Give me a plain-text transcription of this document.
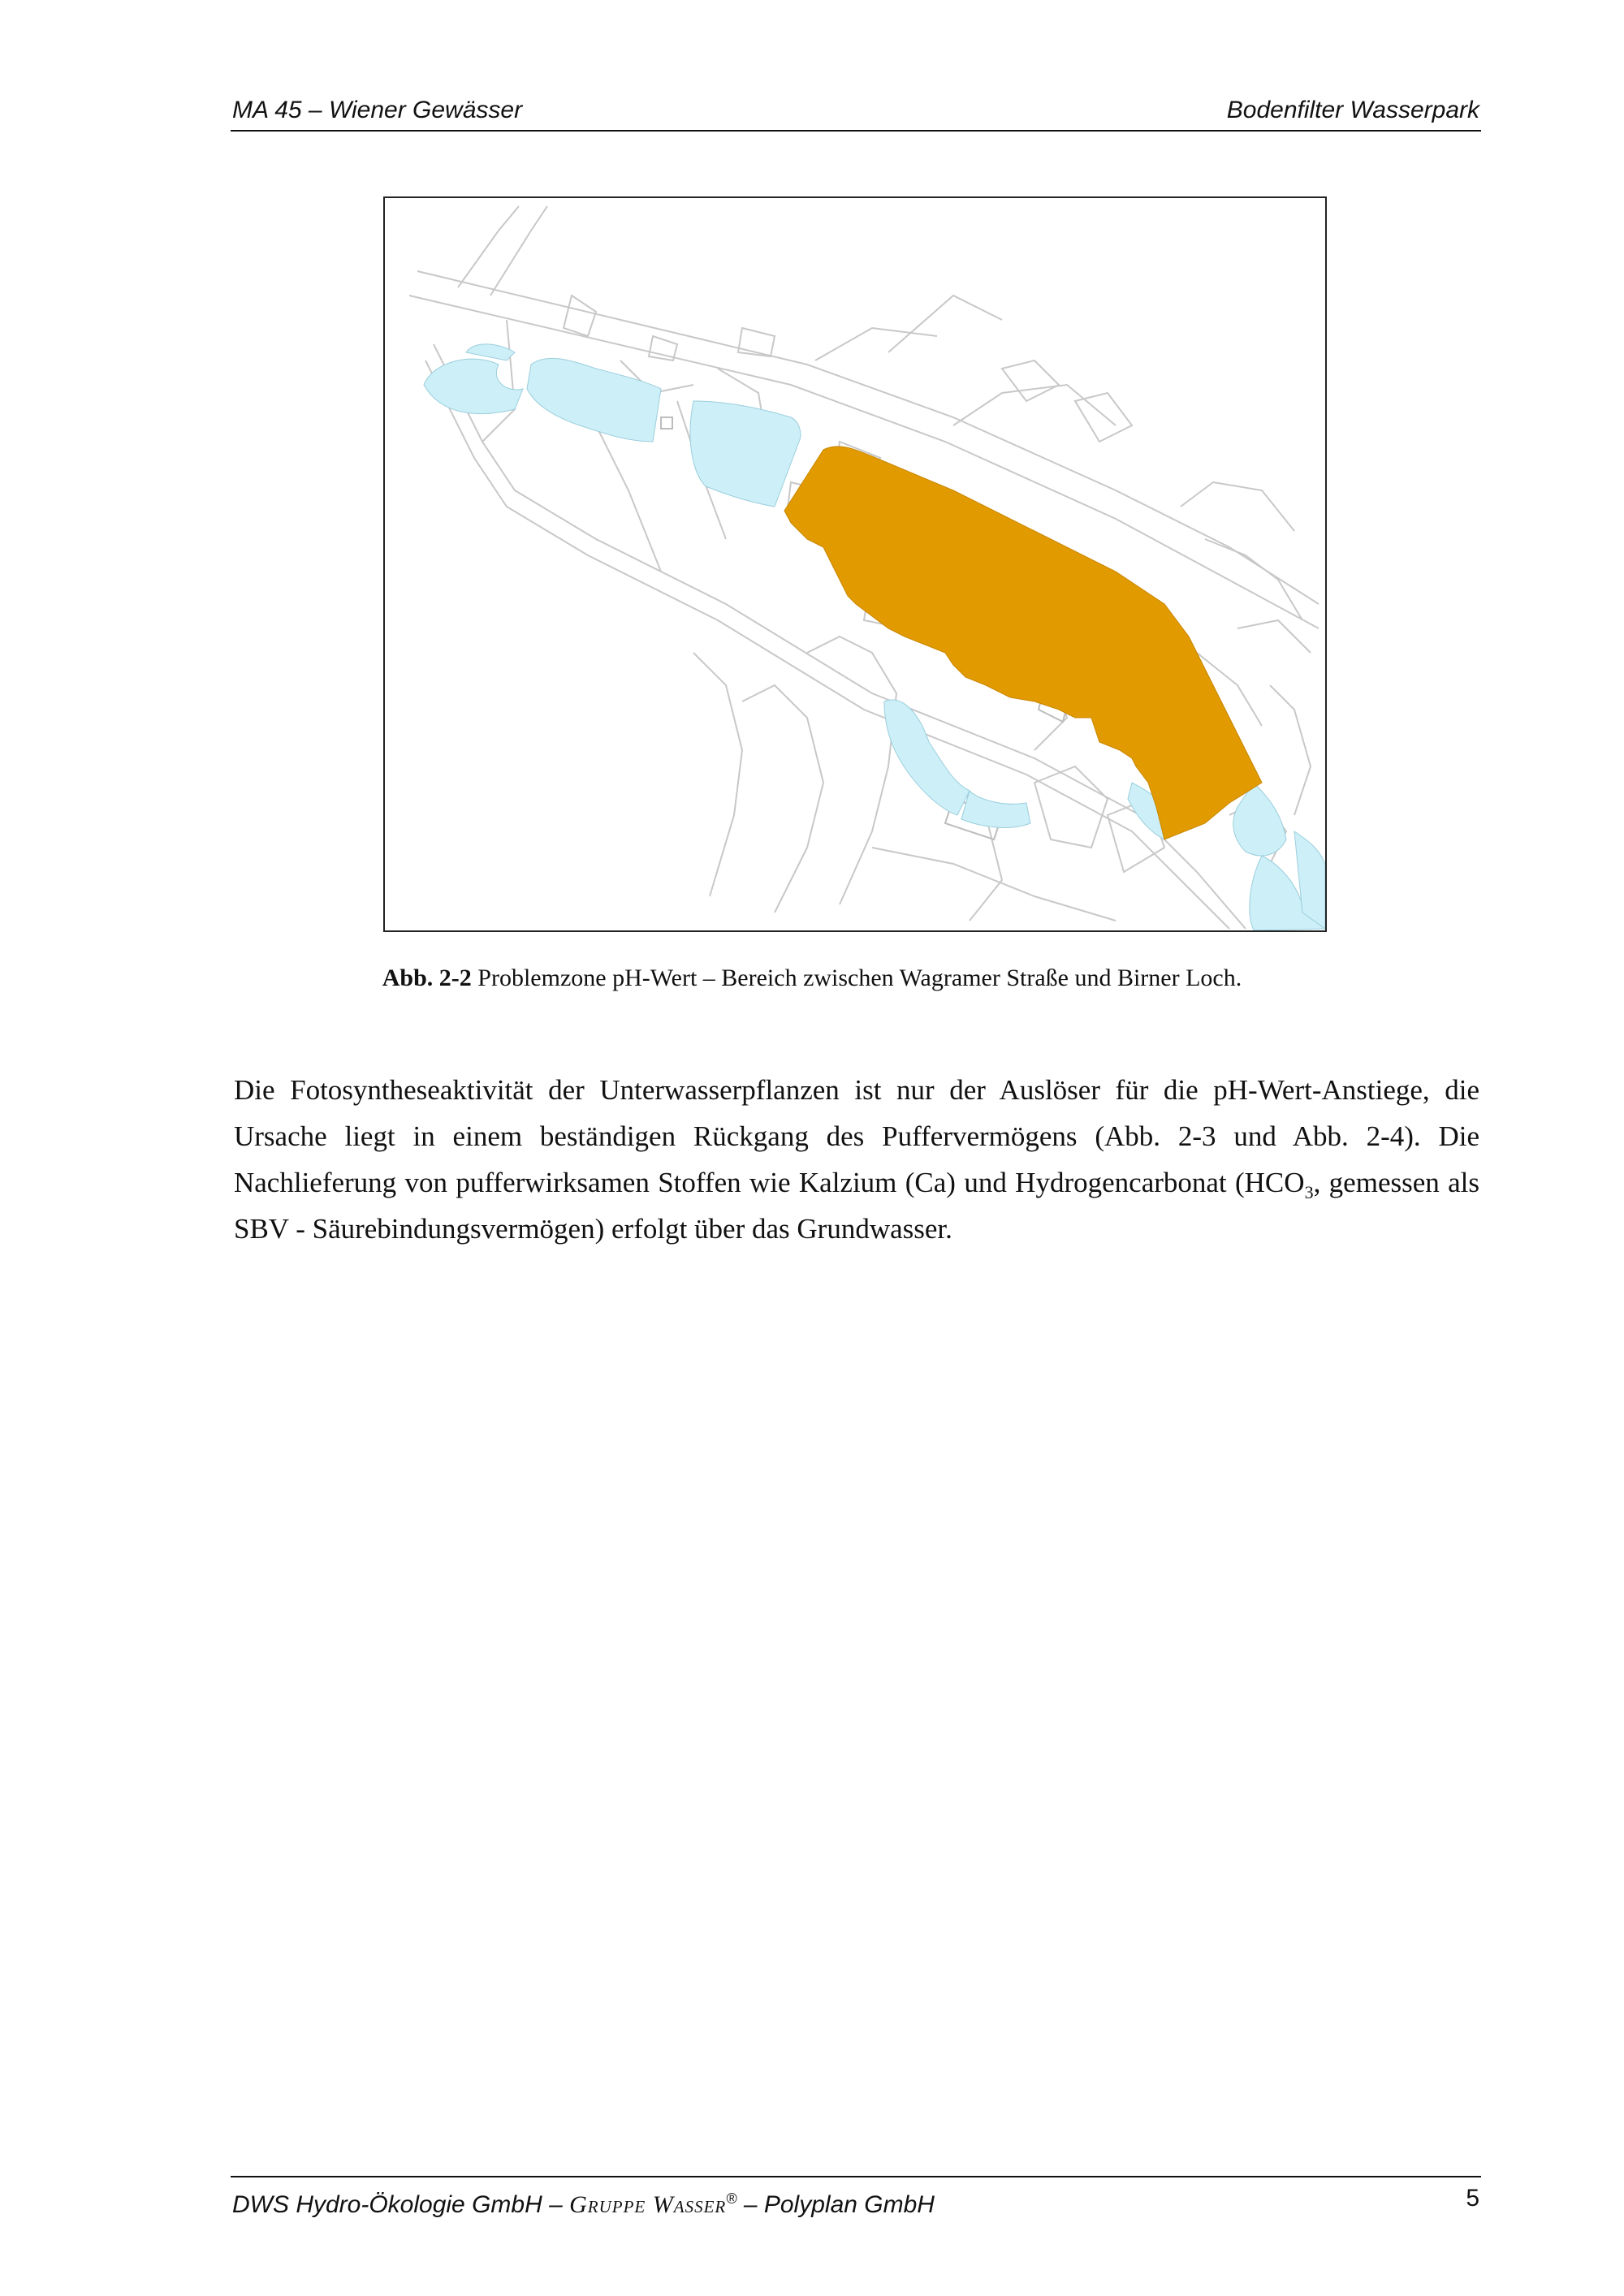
MA 45 – Wiener Gewässer	Bodenfilter Wasserpark
Abb. 2-2 Problemzone pH-Wert – Bereich zwischen Wagramer Straße und Birner Loch.
Die Fotosyntheseaktivität der Unterwasserpflanzen ist nur der Auslöser für die pH-Wert-Anstiege, die Ursache liegt in einem beständigen Rückgang des Puffervermögens (Abb. 2-3 und Abb. 2-4). Die Nachlieferung von pufferwirksamen Stoffen wie Kalzium (Ca) und Hydrogencarbonat ($HCO_3$, gemessen als SBV - Säurebindungsvermögen) erfolgt über das Grundwasser.
DWS Hydro-Ökologie GmbH – Gruppe Wasser® – Polyplan GmbH	5
